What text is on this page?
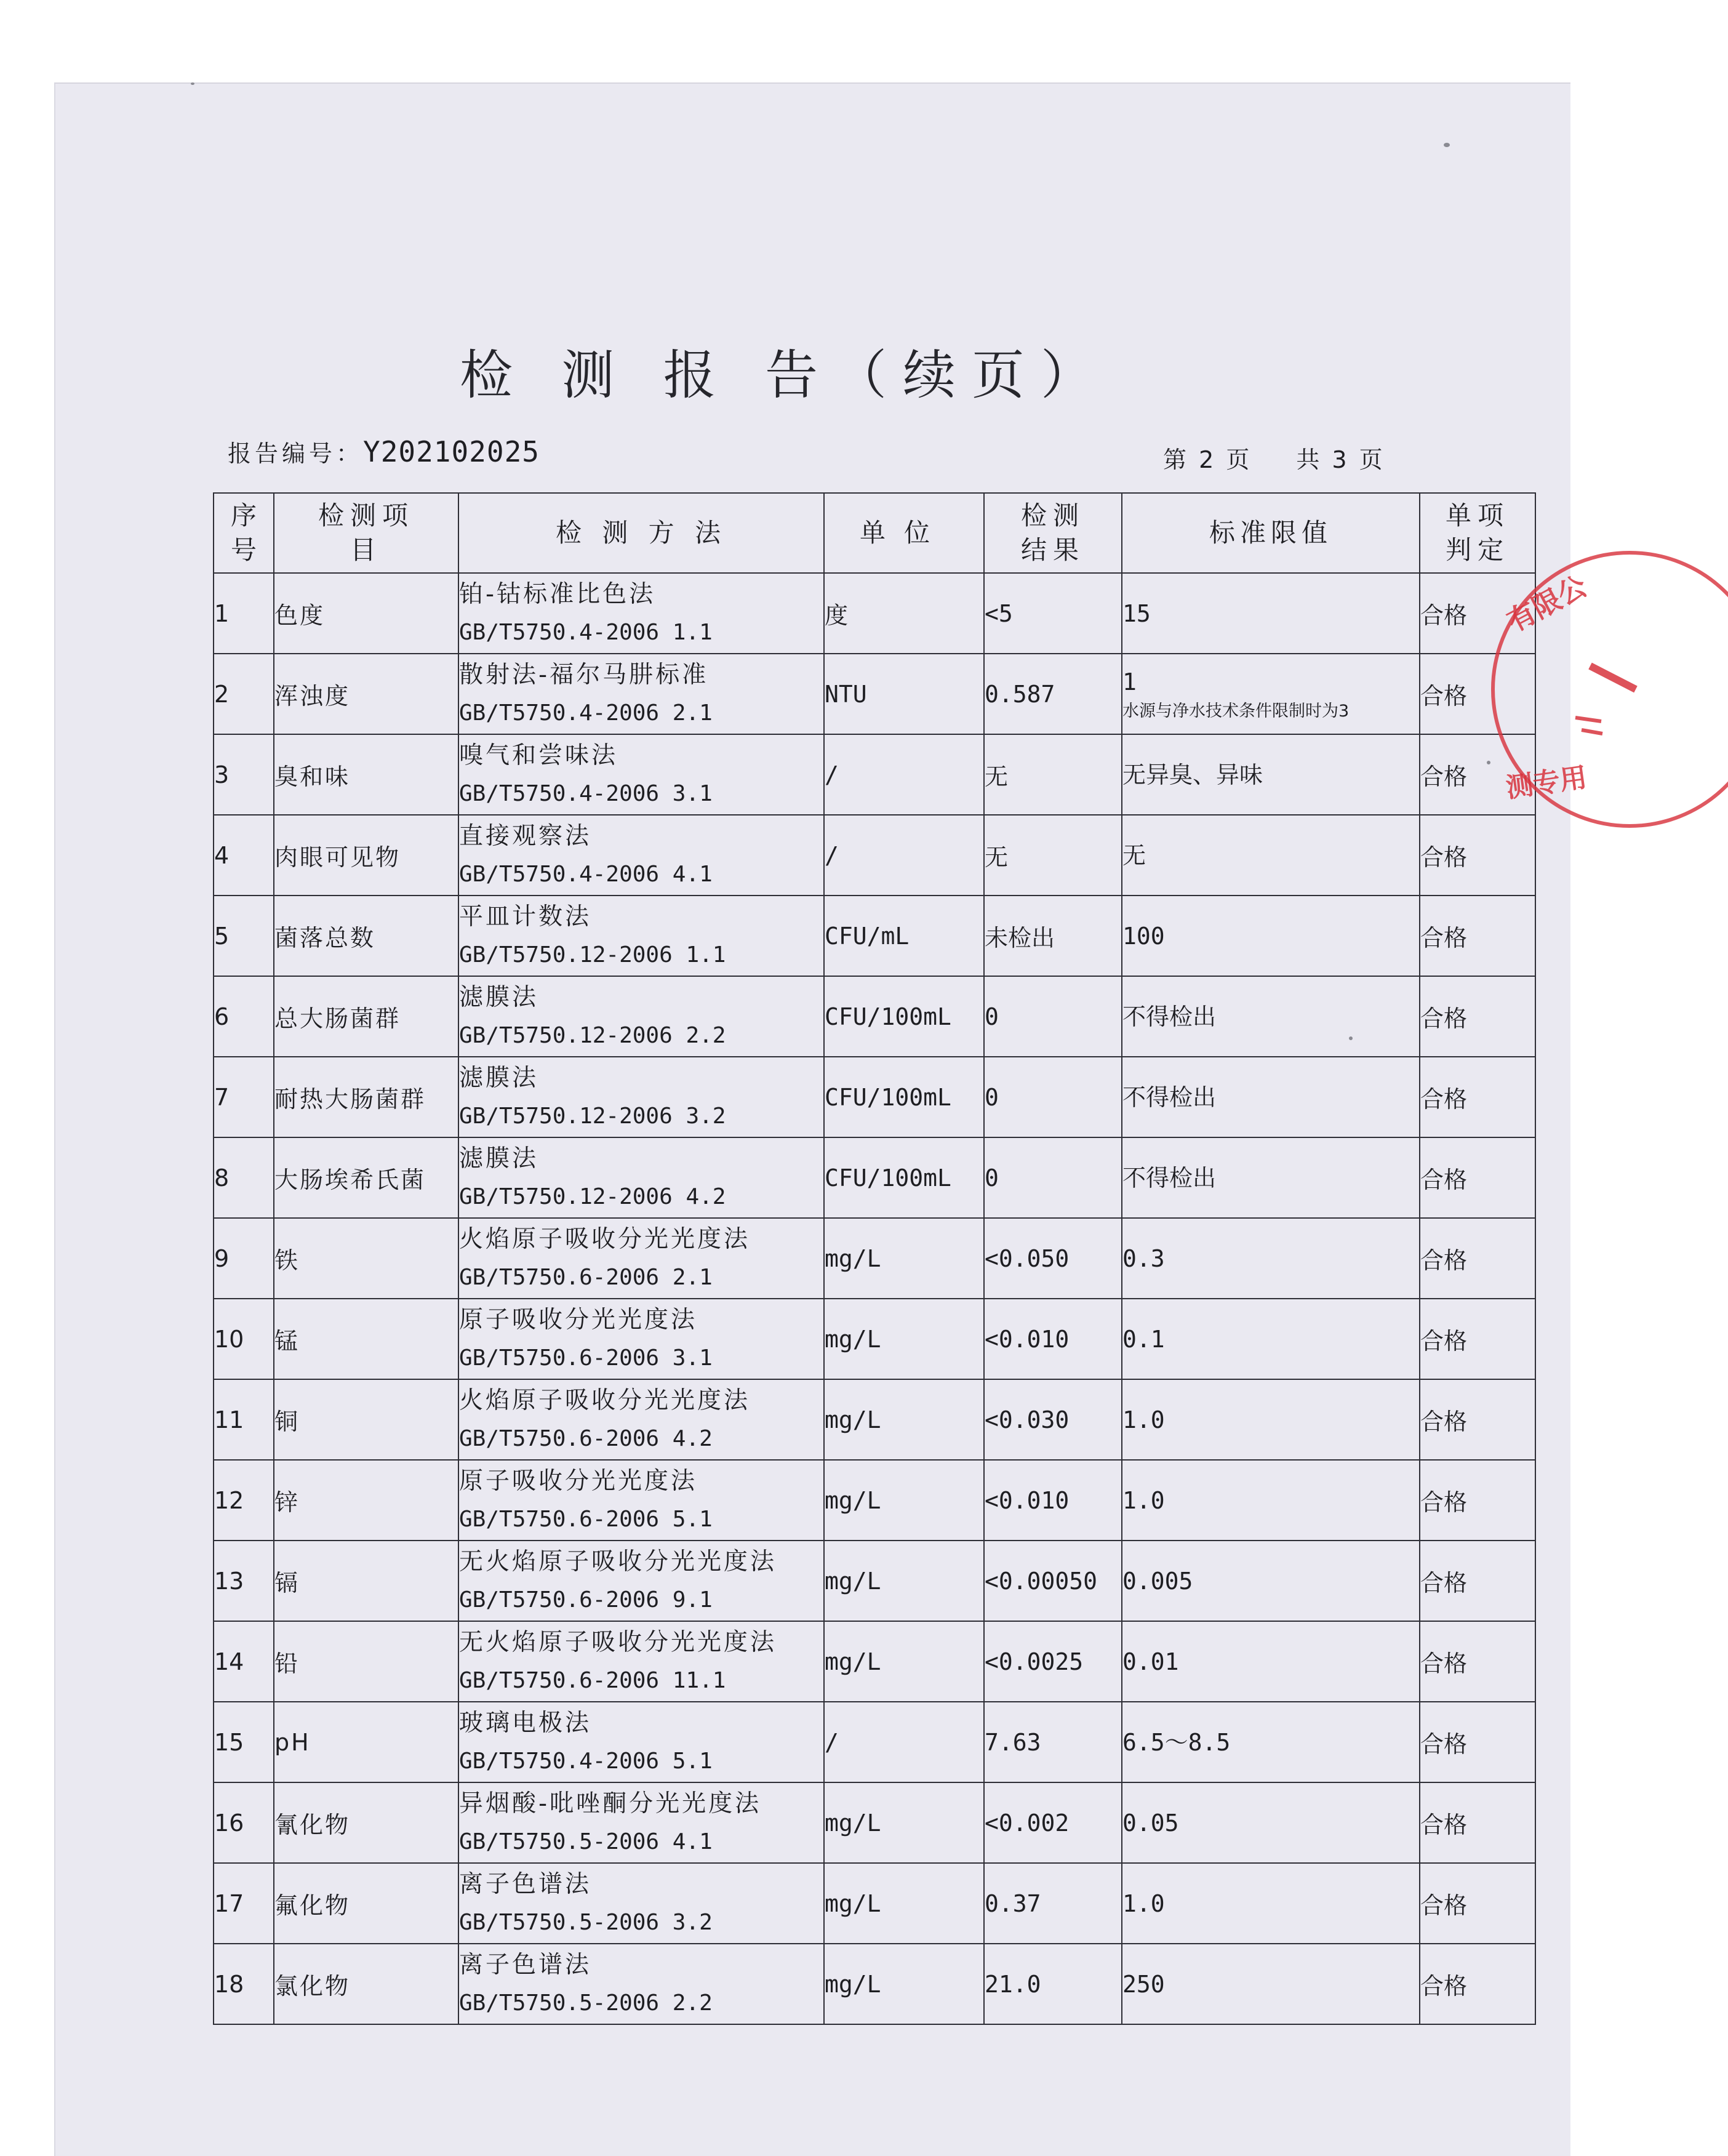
检 测 报 告（续页）
报告编号：Y202102025	第 2 页 共 3 页
序号	检测项目	检 测 方 法	单位	检测结果	标准限值	单项判定
1	色度	铂-钴标准比色法
GB/T5750.4-2006 1.1	度	<5	15	合格
2	浑浊度	散射法-福尔马肼标准
GB/T5750.4-2006 2.1	NTU	0.587	1
水源与净水技术条件限制时为3	合格
3	臭和味	嗅气和尝味法
GB/T5750.4-2006 3.1	/	无	无异臭、异味	合格
4	肉眼可见物	直接观察法
GB/T5750.4-2006 4.1	/	无	无	合格
5	菌落总数	平皿计数法
GB/T5750.12-2006 1.1	CFU/mL	未检出	100	合格
6	总大肠菌群	滤膜法
GB/T5750.12-2006 2.2	CFU/100mL	0	不得检出	合格
7	耐热大肠菌群	滤膜法
GB/T5750.12-2006 3.2	CFU/100mL	0	不得检出	合格
8	大肠埃希氏菌	滤膜法
GB/T5750.12-2006 4.2	CFU/100mL	0	不得检出	合格
9	铁	火焰原子吸收分光光度法
GB/T5750.6-2006 2.1	mg/L	<0.050	0.3	合格
10	锰	原子吸收分光光度法
GB/T5750.6-2006 3.1	mg/L	<0.010	0.1	合格
11	铜	火焰原子吸收分光光度法
GB/T5750.6-2006 4.2	mg/L	<0.030	1.0	合格
12	锌	原子吸收分光光度法
GB/T5750.6-2006 5.1	mg/L	<0.010	1.0	合格
13	镉	无火焰原子吸收分光光度法
GB/T5750.6-2006 9.1	mg/L	<0.00050	0.005	合格
14	铅	无火焰原子吸收分光光度法
GB/T5750.6-2006 11.1	mg/L	<0.0025	0.01	合格
15	pH	玻璃电极法
GB/T5750.4-2006 5.1	/	7.63	6.5～8.5	合格
16	氰化物	异烟酸-吡唑酮分光光度法
GB/T5750.5-2006 4.1	mg/L	<0.002	0.05	合格
17	氟化物	离子色谱法
GB/T5750.5-2006 3.2	mg/L	0.37	1.0	合格
18	氯化物	离子色谱法
GB/T5750.5-2006 2.2	mg/L	21.0	250	合格
有限公
测专用
